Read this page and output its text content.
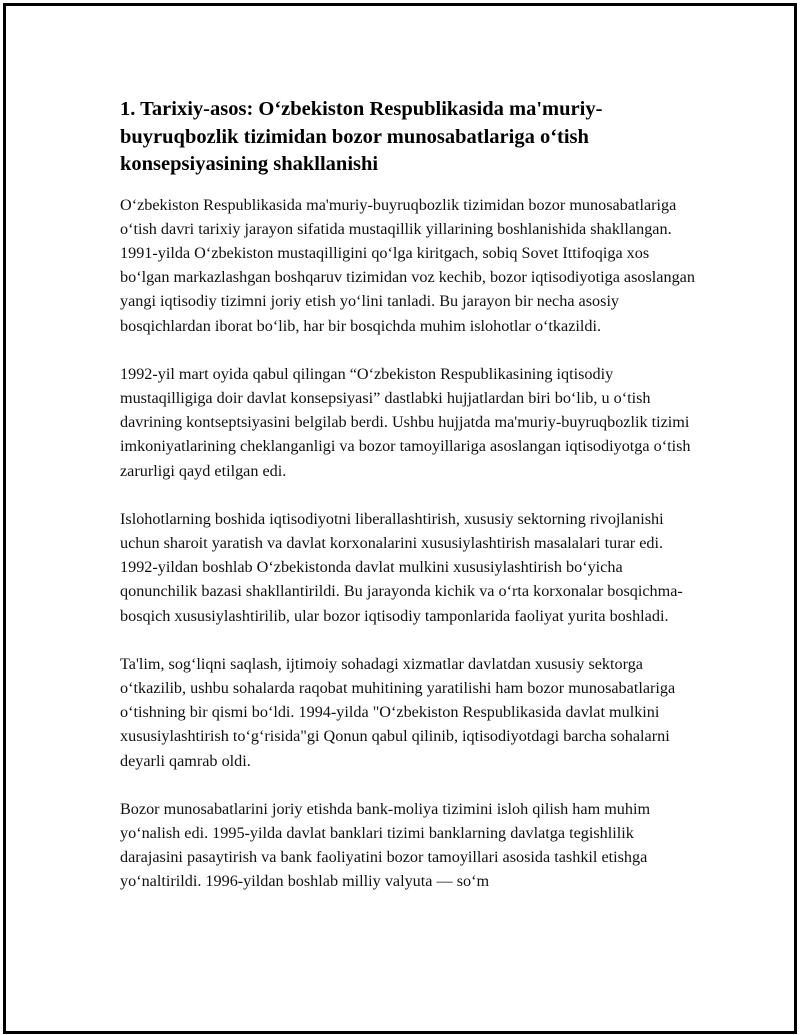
1. Tarixiy-asos: O‘zbekiston Respublikasida ma'muriy-buyruqbozlik tizimidan bozor munosabatlariga o‘tish konsepsiyasining shakllanishi

O‘zbekiston Respublikasida ma'muriy-buyruqbozlik tizimidan bozor munosabatlariga o‘tish davri tarixiy jarayon sifatida mustaqillik yillarining boshlanishida shakllangan. 1991-yilda O‘zbekiston mustaqilligini qo‘lga kiritgach, sobiq Sovet Ittifoqiga xos bo‘lgan markazlashgan boshqaruv tizimidan voz kechib, bozor iqtisodiyotiga asoslangan yangi iqtisodiy tizimni joriy etish yo‘lini tanladi. Bu jarayon bir necha asosiy bosqichlardan iborat bo‘lib, har bir bosqichda muhim islohotlar o‘tkazildi.

1992-yil mart oyida qabul qilingan “O‘zbekiston Respublikasining iqtisodiy mustaqilligiga doir davlat konsepsiyasi” dastlabki hujjatlardan biri bo‘lib, u o‘tish davrining kontseptsiyasini belgilab berdi. Ushbu hujjatda ma'muriy-buyruqbozlik tizimi imkoniyatlarining cheklanganligi va bozor tamoyillariga asoslangan iqtisodiyotga o‘tish zarurligi qayd etilgan edi.

Islohotlarning boshida iqtisodiyotni liberallashtirish, xususiy sektorning rivojlanishi uchun sharoit yaratish va davlat korxonalarini xususiylashtirish masalalari turar edi. 1992-yildan boshlab O‘zbekistonda davlat mulkini xususiylashtirish bo‘yicha qonunchilik bazasi shakllantirildi. Bu jarayonda kichik va o‘rta korxonalar bosqichma-bosqich xususiylashtirilib, ular bozor iqtisodiy tamponlarida faoliyat yurita boshladi.

Ta'lim, sog‘liqni saqlash, ijtimoiy sohadagi xizmatlar davlatdan xususiy sektorga o‘tkazilib, ushbu sohalarda raqobat muhitining yaratilishi ham bozor munosabatlariga o‘tishning bir qismi bo‘ldi. 1994-yilda "O‘zbekiston Respublikasida davlat mulkini xususiylashtirish to‘g‘risida"gi Qonun qabul qilinib, iqtisodiyotdagi barcha sohalarni deyarli qamrab oldi.

Bozor munosabatlarini joriy etishda bank-moliya tizimini isloh qilish ham muhim yo‘nalish edi. 1995-yilda davlat banklari tizimi banklarning davlatga tegishlilik darajasini pasaytirish va bank faoliyatini bozor tamoyillari asosida tashkil etishga yo‘naltirildi. 1996-yildan boshlab milliy valyuta — so‘m
